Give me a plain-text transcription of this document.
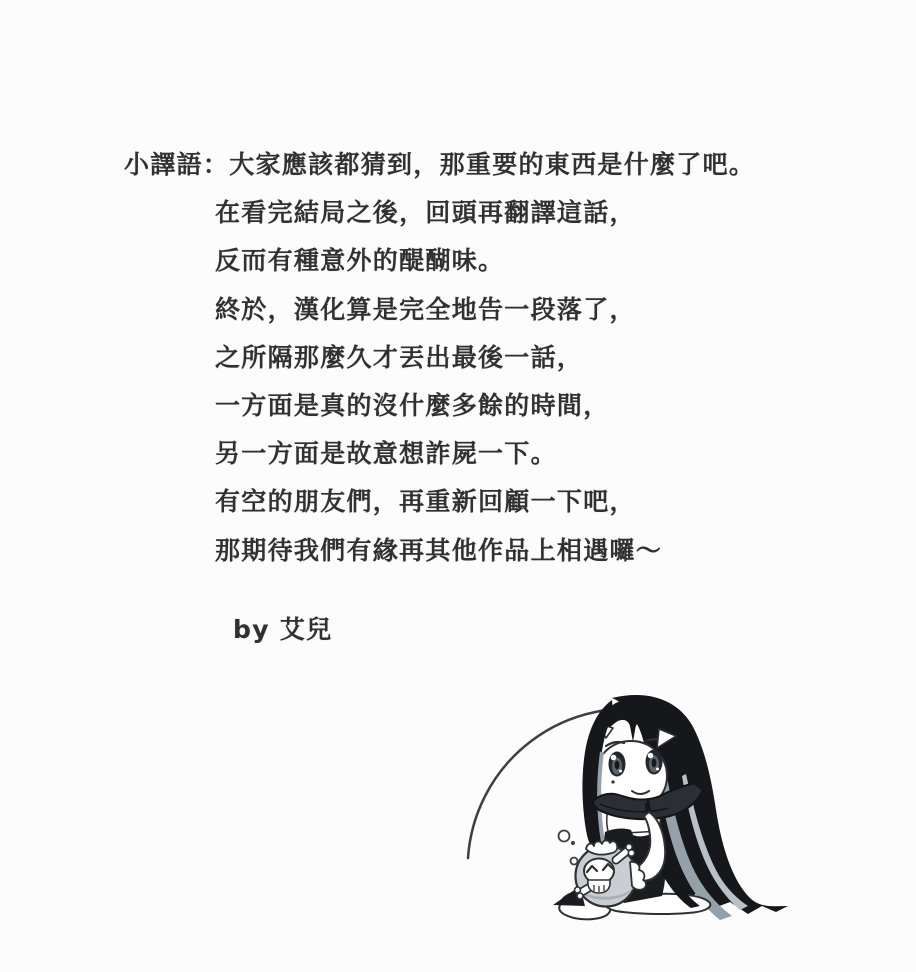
小譯語：大家應該都猜到，那重要的東西是什麼了吧。
在看完結局之後，回頭再翻譯這話，
反而有種意外的醍醐味。
終於，漢化算是完全地告一段落了，
之所隔那麼久才丟出最後一話，
一方面是真的沒什麼多餘的時間，
另一方面是故意想詐屍一下。
有空的朋友們，再重新回顧一下吧，
那期待我們有緣再其他作品上相遇囉～
by 艾兒
